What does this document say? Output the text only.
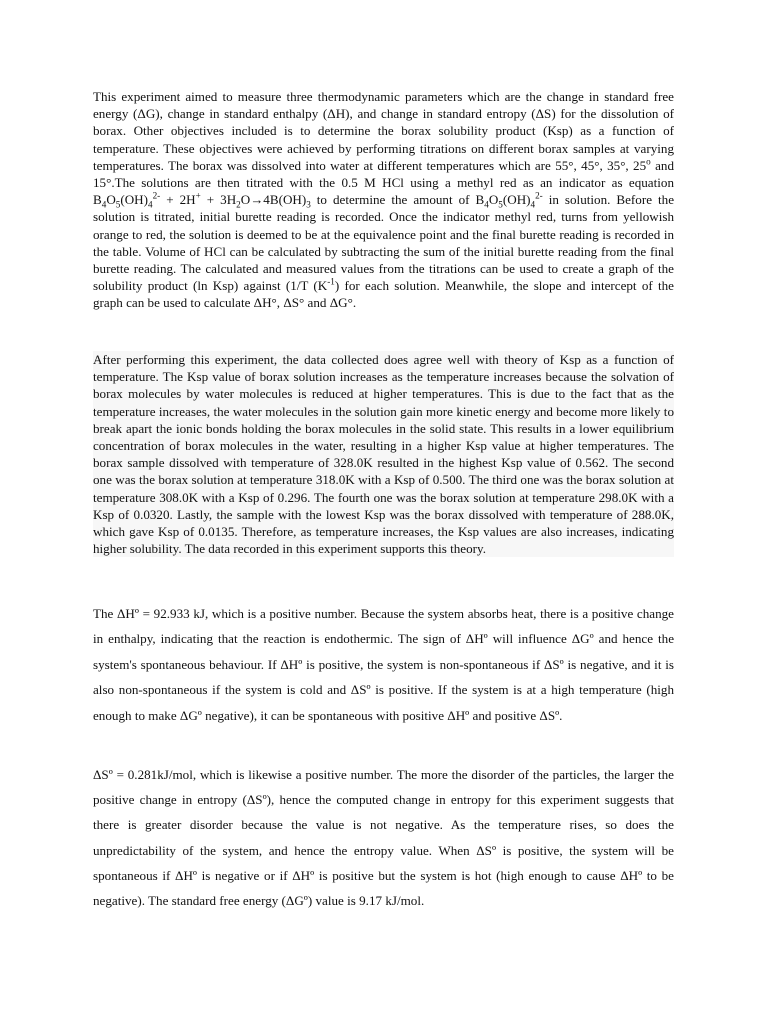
This experiment aimed to measure three thermodynamic parameters which are the change in standard free energy (ΔG), change in standard enthalpy (ΔH), and change in standard entropy (ΔS) for the dissolution of borax. Other objectives included is to determine the borax solubility product (Ksp) as a function of temperature. These objectives were achieved by performing titrations on different borax samples at varying temperatures. The borax was dissolved into water at different temperatures which are 55°, 45°, 35°, 25$^o$ and 15°.The solutions are then titrated with the 0.5 M HCl using a methyl red as an indicator as equation $B_4O_5(OH)_4^{2-} + 2H^+ + 3H_2O\to 4B(OH)_3$ to determine the amount of $B_4O_5(OH)_4^{2-}$ in solution. Before the solution is titrated, initial burette reading is recorded. Once the indicator methyl red, turns from yellowish orange to red, the solution is deemed to be at the equivalence point and the final burette reading is recorded in the table. Volume of HCl can be calculated by subtracting the sum of the initial burette reading from the final burette reading. The calculated and measured values from the titrations can be used to create a graph of the solubility product (ln Ksp) against (1/T $(K^{-1})$ for each solution. Meanwhile, the slope and intercept of the graph can be used to calculate ΔH°, ΔS° and ΔG°.

After performing this experiment, the data collected does agree well with theory of Ksp as a function of temperature. The Ksp value of borax solution increases as the temperature increases because the solvation of borax molecules by water molecules is reduced at higher temperatures. This is due to the fact that as the temperature increases, the water molecules in the solution gain more kinetic energy and become more likely to break apart the ionic bonds holding the borax molecules in the solid state. This results in a lower equilibrium concentration of borax molecules in the water, resulting in a higher Ksp value at higher temperatures. The borax sample dissolved with temperature of 328.0K resulted in the highest Ksp value of 0.562. The second one was the borax solution at temperature 318.0K with a Ksp of 0.500. The third one was the borax solution at temperature 308.0K with a Ksp of 0.296. The fourth one was the borax solution at temperature 298.0K with a Ksp of 0.0320. Lastly, the sample with the lowest Ksp was the borax dissolved with temperature of 288.0K, which gave Ksp of 0.0135. Therefore, as temperature increases, the Ksp values are also increases, indicating higher solubility. The data recorded in this experiment supports this theory.

The ΔHº = 92.933 kJ, which is a positive number. Because the system absorbs heat, there is a positive change in enthalpy, indicating that the reaction is endothermic. The sign of ΔHº will influence ΔGº and hence the system's spontaneous behaviour. If ΔHº is positive, the system is non-spontaneous if ΔSº is negative, and it is also non-spontaneous if the system is cold and ΔSº is positive. If the system is at a high temperature (high enough to make ΔGº negative), it can be spontaneous with positive ΔHº and positive ΔSº.

ΔSº = 0.281kJ/mol, which is likewise a positive number. The more the disorder of the particles, the larger the positive change in entropy (ΔSº), hence the computed change in entropy for this experiment suggests that there is greater disorder because the value is not negative. As the temperature rises, so does the unpredictability of the system, and hence the entropy value. When ΔSº is positive, the system will be spontaneous if ΔHº is negative or if ΔHº is positive but the system is hot (high enough to cause ΔHº to be negative). The standard free energy (ΔGº) value is 9.17 kJ/mol.
